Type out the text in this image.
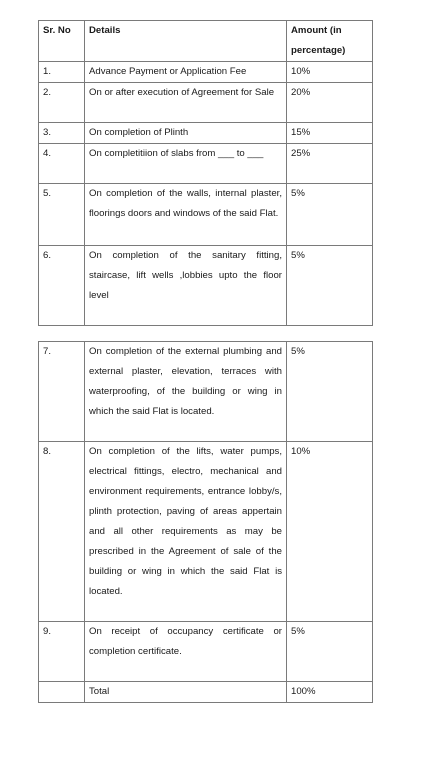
Sr. No	Details	Amount (in percentage)
1.	Advance Payment or Application Fee	10%
2.	On or after execution of Agreement for Sale	20%
3.	On completion of Plinth	15%
4.	On completitiion of slabs from ___ to ___	25%
5.	On completion of the walls, internal plaster, floorings doors and windows of the said Flat.	5%
6.	On completion of the sanitary fitting, staircase, lift wells ,lobbies upto the floor level	5%
7.	On completion of the external plumbing and external plaster, elevation, terraces with waterproofing, of the building or wing in which the said Flat is located.	5%
8.	On completion of the lifts, water pumps, electrical fittings, electro, mechanical and environment requirements, entrance lobby/s, plinth protection, paving of areas appertain and all other requirements as may be prescribed in the Agreement of sale of the building or wing in which the said Flat is located.	10%
9.	On receipt of occupancy certificate or completion certificate.	5%
	Total	100%
